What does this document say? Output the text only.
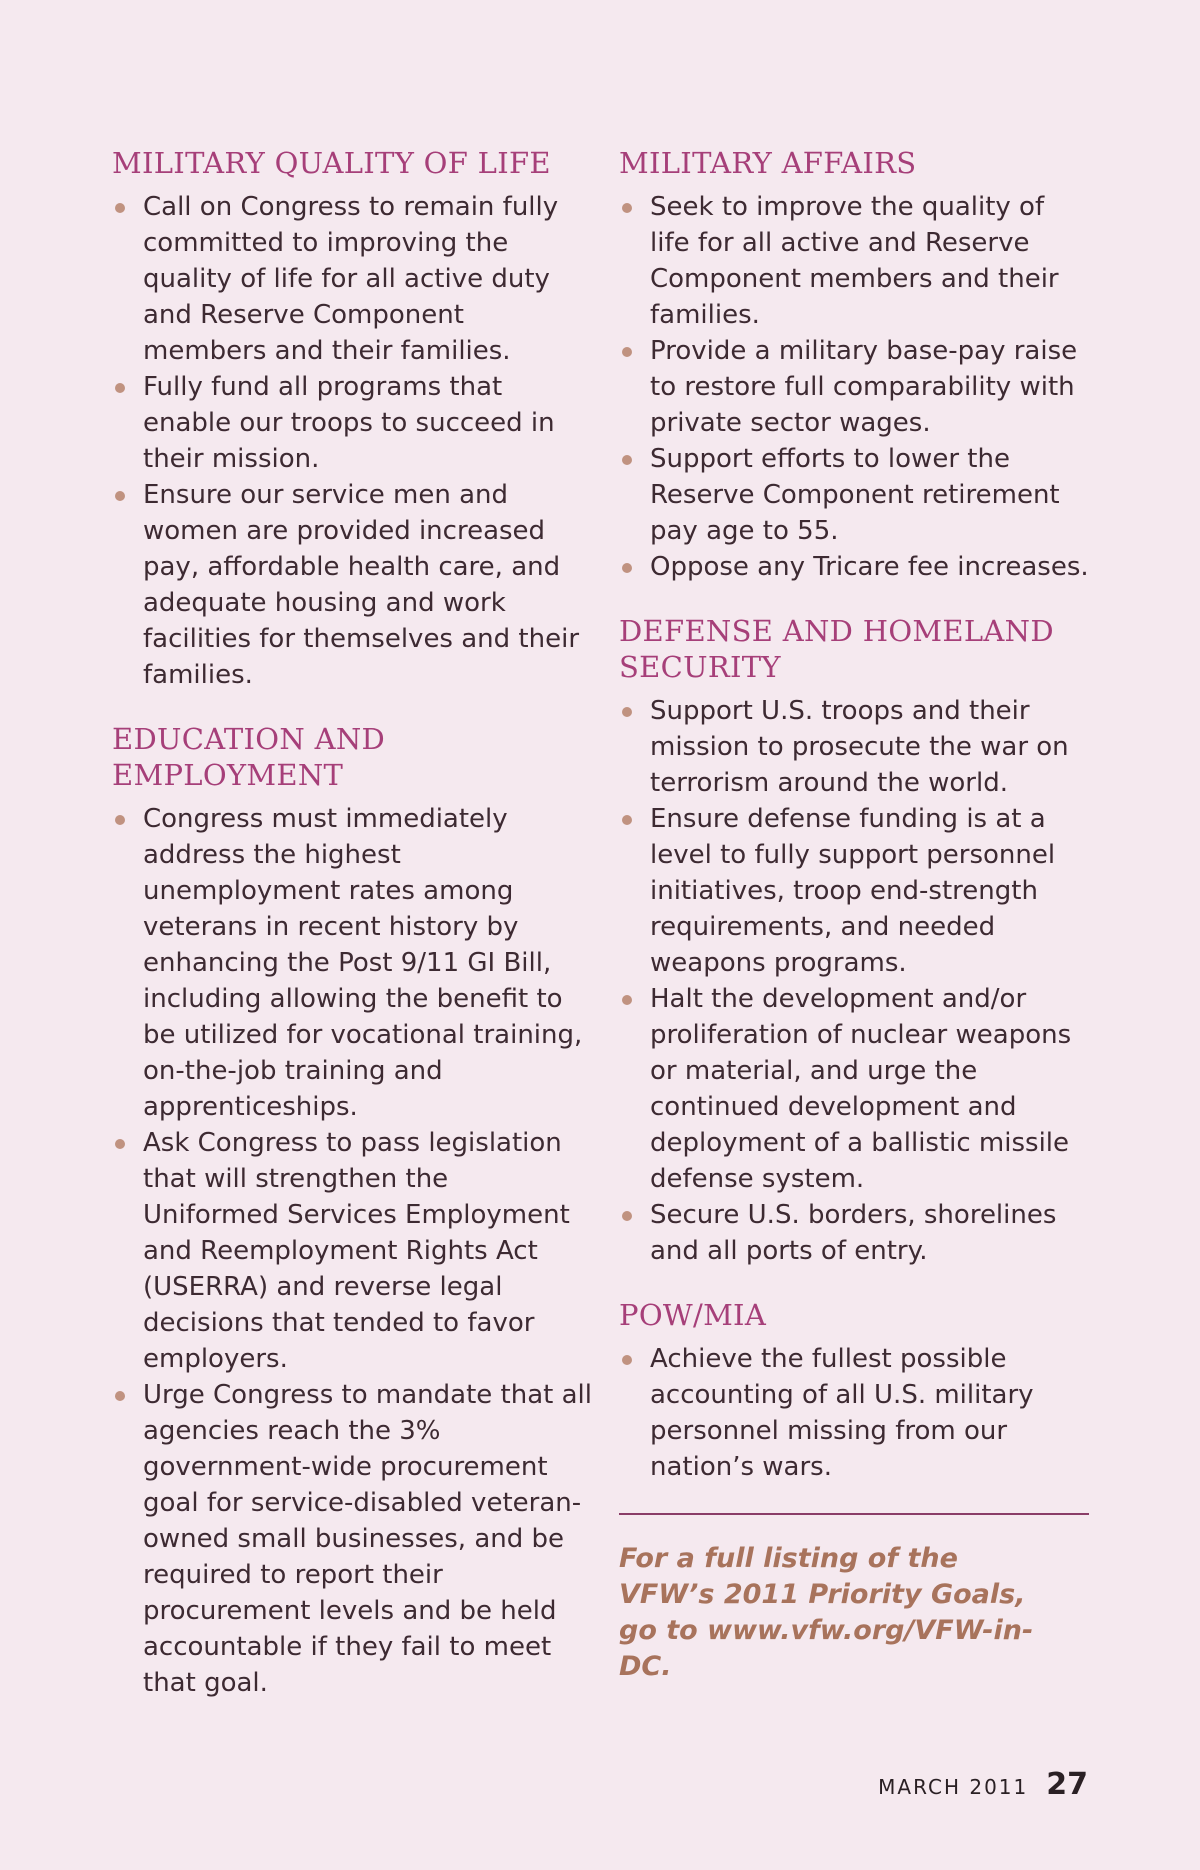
MILITARY QUALITY OF LIFE
Call on Congress to remain fully committed to improving the quality of life for all active duty and Reserve Component members and their families.
Fully fund all programs that enable our troops to succeed in their mission.
Ensure our service men and women are provided increased pay, affordable health care, and adequate housing and work facilities for themselves and their families.
EDUCATION AND EMPLOYMENT
Congress must immediately address the highest unemployment rates among veterans in recent history by enhancing the Post 9/11 GI Bill, including allowing the benefit to be utilized for vocational training, on-the-job training and apprenticeships.
Ask Congress to pass legislation that will strengthen the Uniformed Services Employment and Reemployment Rights Act (USERRA) and reverse legal decisions that tended to favor employers.
Urge Congress to mandate that all agencies reach the 3% government-wide procurement goal for service-disabled veteran-owned small businesses, and be required to report their procurement levels and be held accountable if they fail to meet that goal.
MILITARY AFFAIRS
Seek to improve the quality of life for all active and Reserve Component members and their families.
Provide a military base-pay raise to restore full comparability with private sector wages.
Support efforts to lower the Reserve Component retirement pay age to 55.
Oppose any Tricare fee increases.
DEFENSE AND HOMELAND SECURITY
Support U.S. troops and their mission to prosecute the war on terrorism around the world.
Ensure defense funding is at a level to fully support personnel initiatives, troop end-strength requirements, and needed weapons programs.
Halt the development and/or proliferation of nuclear weapons or material, and urge the continued development and deployment of a ballistic missile defense system.
Secure U.S. borders, shorelines and all ports of entry.
POW/MIA
Achieve the fullest possible accounting of all U.S. military personnel missing from our nation’s wars.
For a full listing of the VFW’s 2011 Priority Goals, go to www.vfw.org/VFW-in-DC.
MARCH 2011 27
